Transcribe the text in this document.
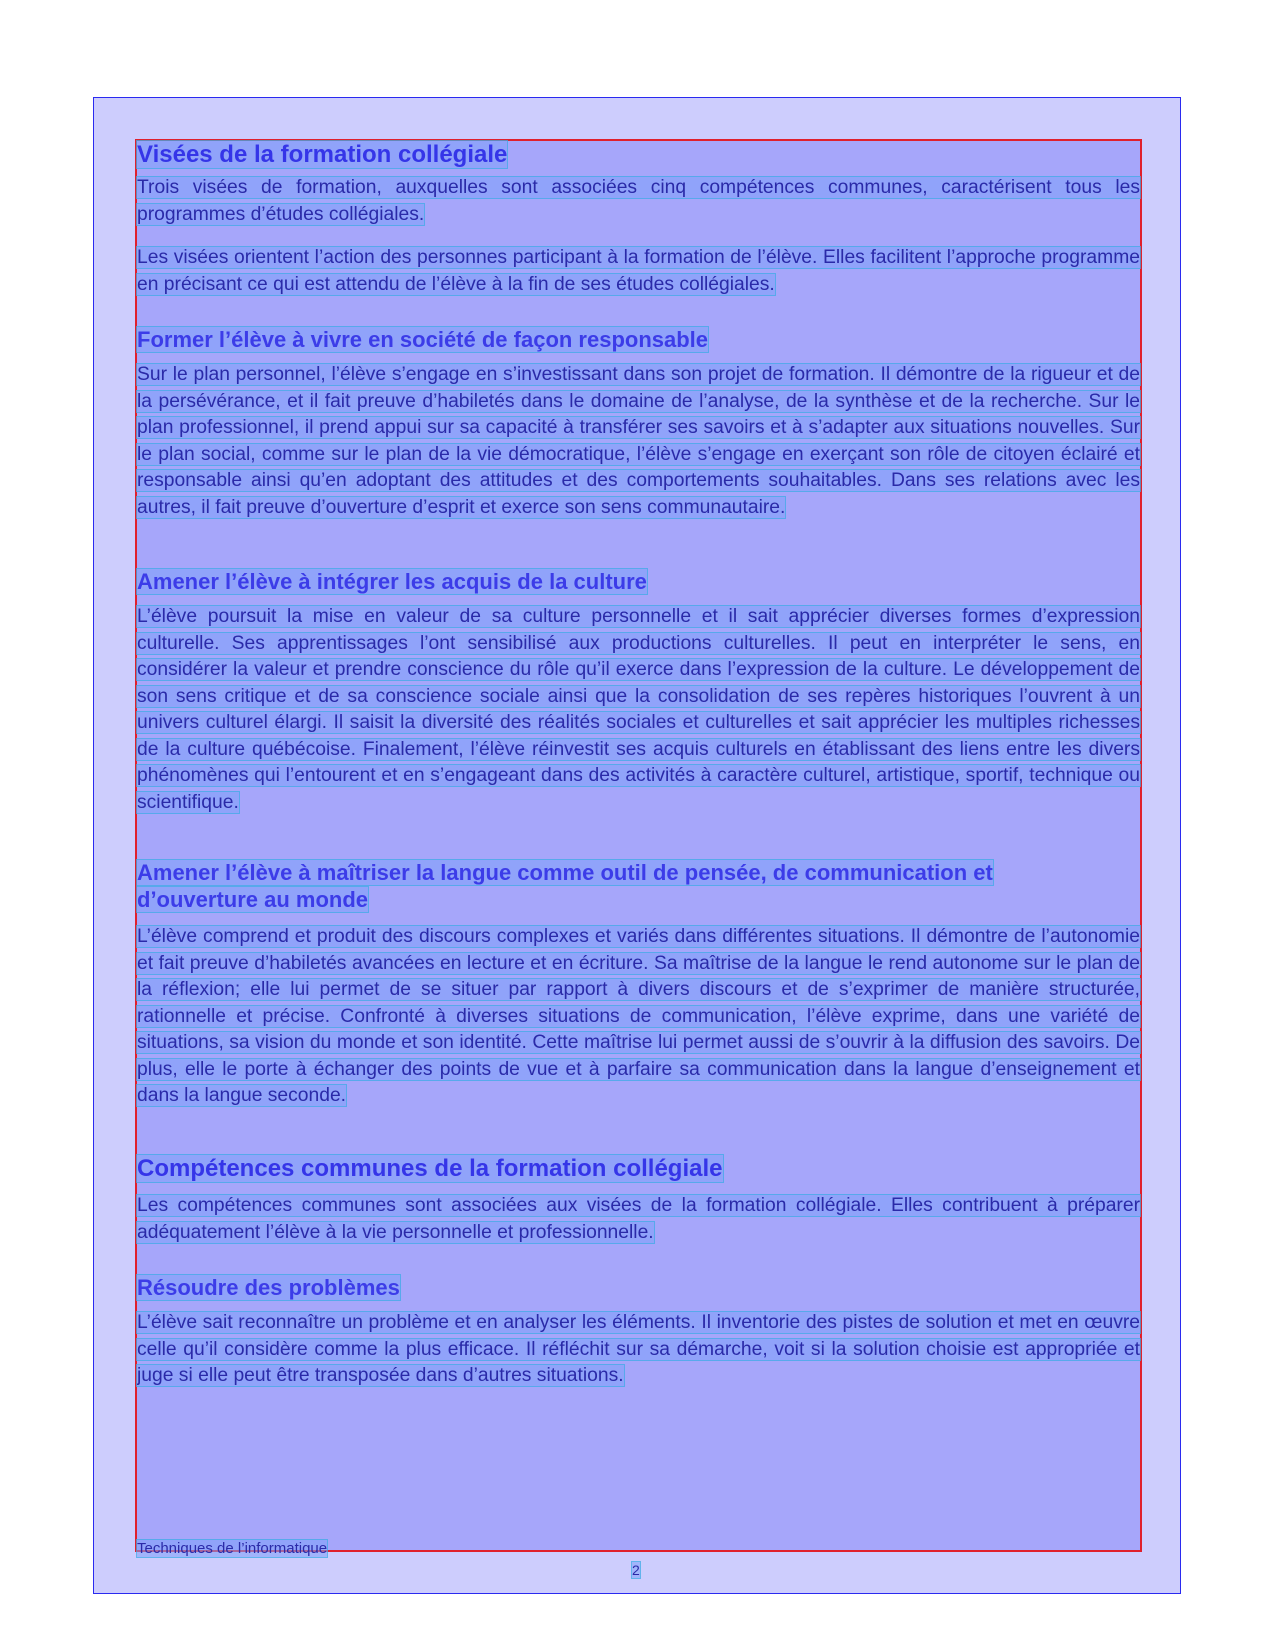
Visées de la formation collégiale

Trois visées de formation, auxquelles sont associées cinq compétences communes, caractérisent tous les programmes d’études collégiales.

Les visées orientent l’action des personnes participant à la formation de l’élève. Elles facilitent l’approche programme en précisant ce qui est attendu de l’élève à la fin de ses études collégiales.

Former l’élève à vivre en société de façon responsable

Sur le plan personnel, l’élève s’engage en s’investissant dans son projet de formation. Il démontre de la rigueur et de la persévérance, et il fait preuve d’habiletés dans le domaine de l’analyse, de la synthèse et de la recherche. Sur le plan professionnel, il prend appui sur sa capacité à transférer ses savoirs et à s’adapter aux situations nouvelles. Sur le plan social, comme sur le plan de la vie démocratique, l’élève s’engage en exerçant son rôle de citoyen éclairé et responsable ainsi qu’en adoptant des attitudes et des comportements souhaitables. Dans ses relations avec les autres, il fait preuve d’ouverture d’esprit et exerce son sens communautaire.

Amener l’élève à intégrer les acquis de la culture

L’élève poursuit la mise en valeur de sa culture personnelle et il sait apprécier diverses formes d’expression culturelle. Ses apprentissages l’ont sensibilisé aux productions culturelles. Il peut en interpréter le sens, en considérer la valeur et prendre conscience du rôle qu’il exerce dans l’expression de la culture. Le développement de son sens critique et de sa conscience sociale ainsi que la consolidation de ses repères historiques l’ouvrent à un univers culturel élargi. Il saisit la diversité des réalités sociales et culturelles et sait apprécier les multiples richesses de la culture québécoise. Finalement, l’élève réinvestit ses acquis culturels en établissant des liens entre les divers phénomènes qui l’entourent et en s’engageant dans des activités à caractère culturel, artistique, sportif, technique ou scientifique.

Amener l’élève à maîtriser la langue comme outil de pensée, de communication et
d’ouverture au monde

L’élève comprend et produit des discours complexes et variés dans différentes situations. Il démontre de l’autonomie et fait preuve d’habiletés avancées en lecture et en écriture. Sa maîtrise de la langue le rend autonome sur le plan de la réflexion; elle lui permet de se situer par rapport à divers discours et de s’exprimer de manière structurée, rationnelle et précise. Confronté à diverses situations de communication, l’élève exprime, dans une variété de situations, sa vision du monde et son identité. Cette maîtrise lui permet aussi de s’ouvrir à la diffusion des savoirs. De plus, elle le porte à échanger des points de vue et à parfaire sa communication dans la langue d’enseignement et dans la langue seconde.

Compétences communes de la formation collégiale

Les compétences communes sont associées aux visées de la formation collégiale. Elles contribuent à préparer adéquatement l’élève à la vie personnelle et professionnelle.

Résoudre des problèmes

L’élève sait reconnaître un problème et en analyser les éléments. Il inventorie des pistes de solution et met en œuvre celle qu’il considère comme la plus efficace. Il réfléchit sur sa démarche, voit si la solution choisie est appropriée et juge si elle peut être transposée dans d’autres situations.

Techniques de l’informatique
2
